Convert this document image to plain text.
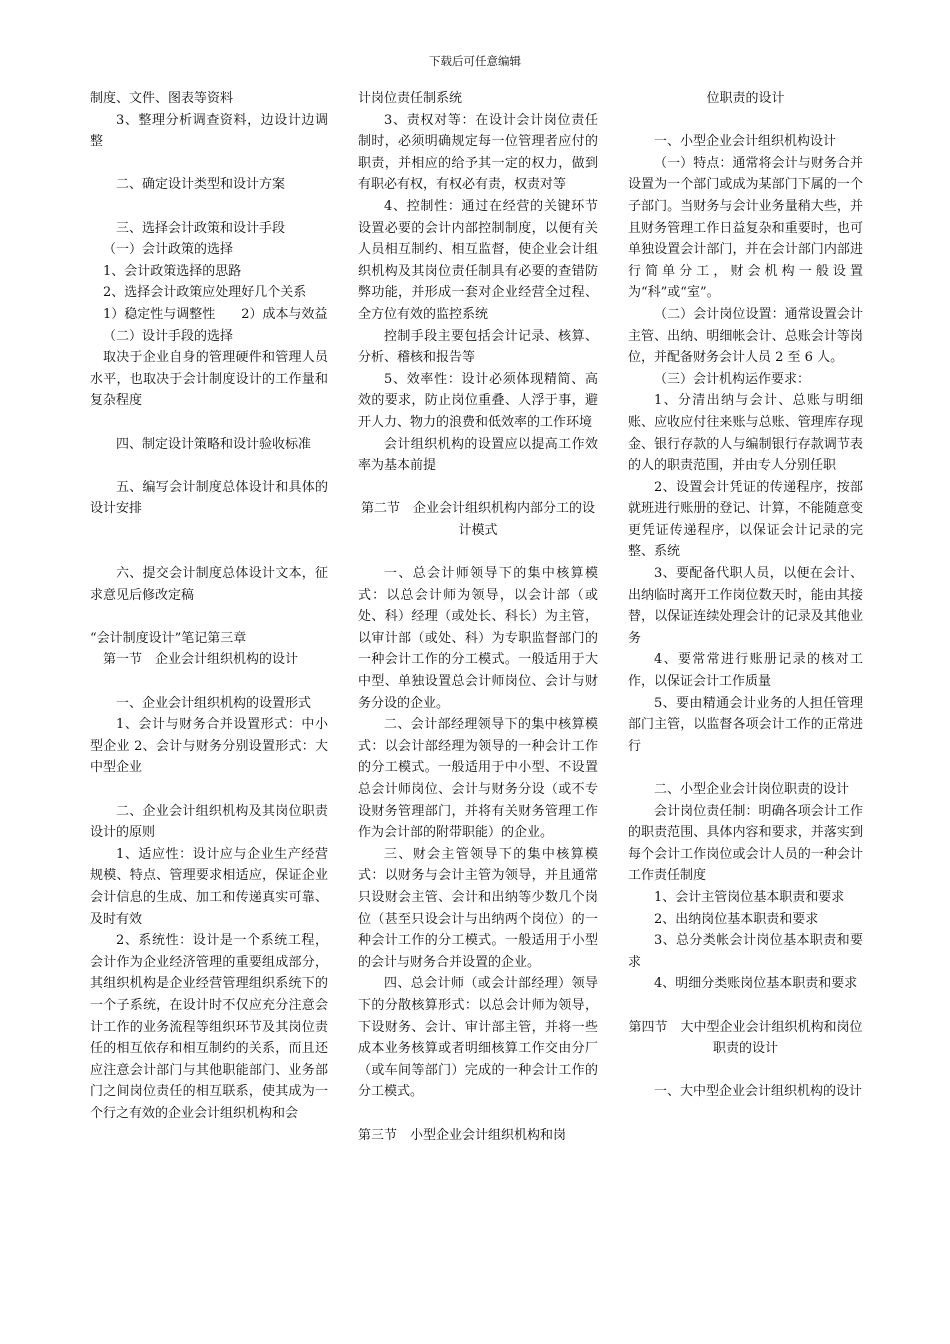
下载后可任意编辑

制度、文件、图表等资料

3、整理分析调查资料，边设计边调整

二、确定设计类型和设计方案

三、选择会计政策和设计手段

（一）会计政策的选择

1、会计政策选择的思路

2、选择会计政策应处理好几个关系

1）稳定性与调整性　　2）成本与效益

（二）设计手段的选择

取决于企业自身的管理硬件和管理人员水平，也取决于会计制度设计的工作量和复杂程度

四、制定设计策略和设计验收标准

五、编写会计制度总体设计和具体的设计安排

六、提交会计制度总体设计文本，征求意见后修改定稿

“会计制度设计”笔记第三章

第一节　企业会计组织机构的设计

一、企业会计组织机构的设置形式

1、会计与财务合并设置形式：中小型企业 2、会计与财务分别设置形式：大中型企业

二、企业会计组织机构及其岗位职责设计的原则

1、适应性：设计应与企业生产经营规模、特点、管理要求相适应，保证企业会计信息的生成、加工和传递真实可靠、及时有效

2、系统性：设计是一个系统工程，会计作为企业经济管理的重要组成部分，其组织机构是企业经营管理组织系统下的一个子系统，在设计时不仅应充分注意会计工作的业务流程等组织环节及其岗位责任的相互依存和相互制约的关系，而且还应注意会计部门与其他职能部门、业务部门之间岗位责任的相互联系，使其成为一个行之有效的企业会计组织机构和会

计岗位责任制系统

3、责权对等：在设计会计岗位责任制时，必须明确规定每一位管理者应付的职责，并相应的给予其一定的权力，做到有职必有权，有权必有责，权责对等

4、控制性：通过在经营的关键环节设置必要的会计内部控制制度，以便有关人员相互制约、相互监督，使企业会计组织机构及其岗位责任制具有必要的查错防弊功能，并形成一套对企业经营全过程、全方位有效的监控系统

控制手段主要包括会计记录、核算、分析、稽核和报告等

5、效率性：设计必须体现精简、高效的要求，防止岗位重叠、人浮于事，避开人力、物力的浪费和低效率的工作环境

会计组织机构的设置应以提高工作效率为基本前提

第二节　企业会计组织机构内部分工的设计模式

一、总会计师领导下的集中核算模式：以总会计师为领导，以会计部（或处、科）经理（或处长、科长）为主管，以审计部（或处、科）为专职监督部门的一种会计工作的分工模式。一般适用于大中型、单独设置总会计师岗位、会计与财务分设的企业。

二、会计部经理领导下的集中核算模式：以会计部经理为领导的一种会计工作的分工模式。一般适用于中小型、不设置总会计师岗位、会计与财务分设（或不专设财务管理部门，并将有关财务管理工作作为会计部的附带职能）的企业。

三、财会主管领导下的集中核算模式：以财务与会计主管为领导，并且通常只设财会主管、会计和出纳等少数几个岗位（甚至只设会计与出纳两个岗位）的一种会计工作的分工模式。一般适用于小型的会计与财务合并设置的企业。

四、总会计师（或会计部经理）领导下的分散核算形式：以总会计师为领导，下设财务、会计、审计部主管，并将一些成本业务核算或者明细核算工作交由分厂（或车间等部门）完成的一种会计工作的分工模式。

第三节　小型企业会计组织机构和岗

位职责的设计

一、小型企业会计组织机构设计

（一）特点：通常将会计与财务合并设置为一个部门或成为某部门下属的一个子部门。当财务与会计业务量稍大些，并且财务管理工作日益复杂和重要时，也可单独设置会计部门，并在会计部门内部进行简单分工，财会机构一般设置为“科”或“室”。

（二）会计岗位设置：通常设置会计主管、出纳、明细帐会计、总账会计等岗位，并配备财务会计人员 2 至 6 人。

（三）会计机构运作要求：

1、分清出纳与会计、总账与明细账、应收应付往来账与总账、管理库存现金、银行存款的人与编制银行存款调节表的人的职责范围，并由专人分别任职

2、设置会计凭证的传递程序，按部就班进行账册的登记、计算，不能随意变更凭证传递程序，以保证会计记录的完整、系统

3、要配备代职人员，以便在会计、出纳临时离开工作岗位数天时，能由其接替，以保证连续处理会计的记录及其他业务

4、要常常进行账册记录的核对工作，以保证会计工作质量

5、要由精通会计业务的人担任管理部门主管，以监督各项会计工作的正常进行

二、小型企业会计岗位职责的设计

会计岗位责任制：明确各项会计工作的职责范围、具体内容和要求，并落实到每个会计工作岗位或会计人员的一种会计工作责任制度

1、会计主管岗位基本职责和要求

2、出纳岗位基本职责和要求

3、总分类帐会计岗位基本职责和要求

4、明细分类账岗位基本职责和要求

第四节　大中型企业会计组织机构和岗位职责的设计

一、大中型企业会计组织机构的设计
